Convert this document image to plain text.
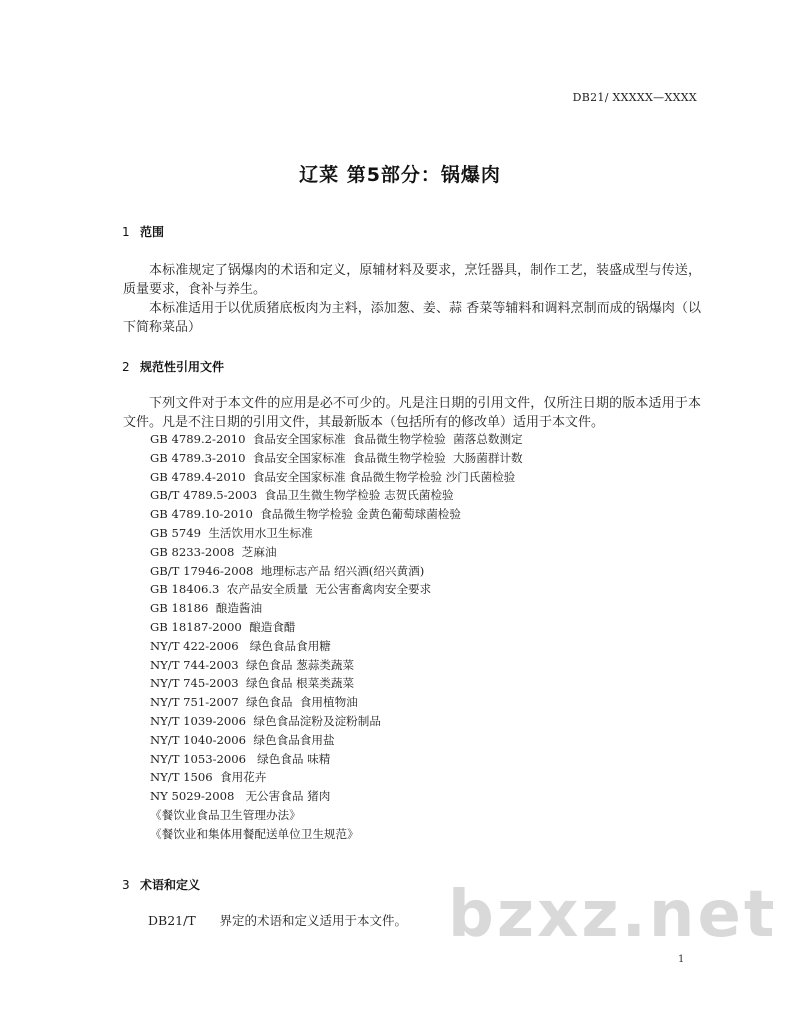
DB21/ XXXXX—XXXX
辽菜 第5部分：锅爆肉
1 范围
本标准规定了锅爆肉的术语和定义，原辅材料及要求，烹饪器具，制作工艺，装盛成型与传送，质量要求，食补与养生。
本标准适用于以优质猪底板肉为主料，添加葱、姜、蒜 香菜等辅料和调料烹制而成的锅爆肉（以下简称菜品）
2 规范性引用文件
下列文件对于本文件的应用是必不可少的。凡是注日期的引用文件，仅所注日期的版本适用于本文件。凡是不注日期的引用文件，其最新版本（包括所有的修改单）适用于本文件。
GB 4789.2-2010  食品安全国家标准  食品微生物学检验  菌落总数测定
GB 4789.3-2010  食品安全国家标准  食品微生物学检验  大肠菌群计数
GB 4789.4-2010  食品安全国家标准 食品微生物学检验 沙门氏菌检验
GB/T 4789.5-2003  食品卫生微生物学检验 志贺氏菌检验
GB 4789.10-2010  食品微生物学检验 金黄色葡萄球菌检验
GB 5749  生活饮用水卫生标准
GB 8233-2008  芝麻油
GB/T 17946-2008  地理标志产品 绍兴酒(绍兴黄酒)
GB 18406.3  农产品安全质量  无公害畜禽肉安全要求
GB 18186  酿造酱油
GB 18187-2000  酿造食醋
NY/T 422-2006   绿色食品食用糖
NY/T 744-2003  绿色食品 葱蒜类蔬菜
NY/T 745-2003  绿色食品 根菜类蔬菜
NY/T 751-2007  绿色食品  食用植物油
NY/T 1039-2006  绿色食品淀粉及淀粉制品
NY/T 1040-2006  绿色食品食用盐
NY/T 1053-2006   绿色食品 味精
NY/T 1506  食用花卉
NY 5029-2008   无公害食品 猪肉
《餐饮业食品卫生管理办法》
《餐饮业和集体用餐配送单位卫生规范》
3 术语和定义
DB21/T      界定的术语和定义适用于本文件。 bzxz.net
1
